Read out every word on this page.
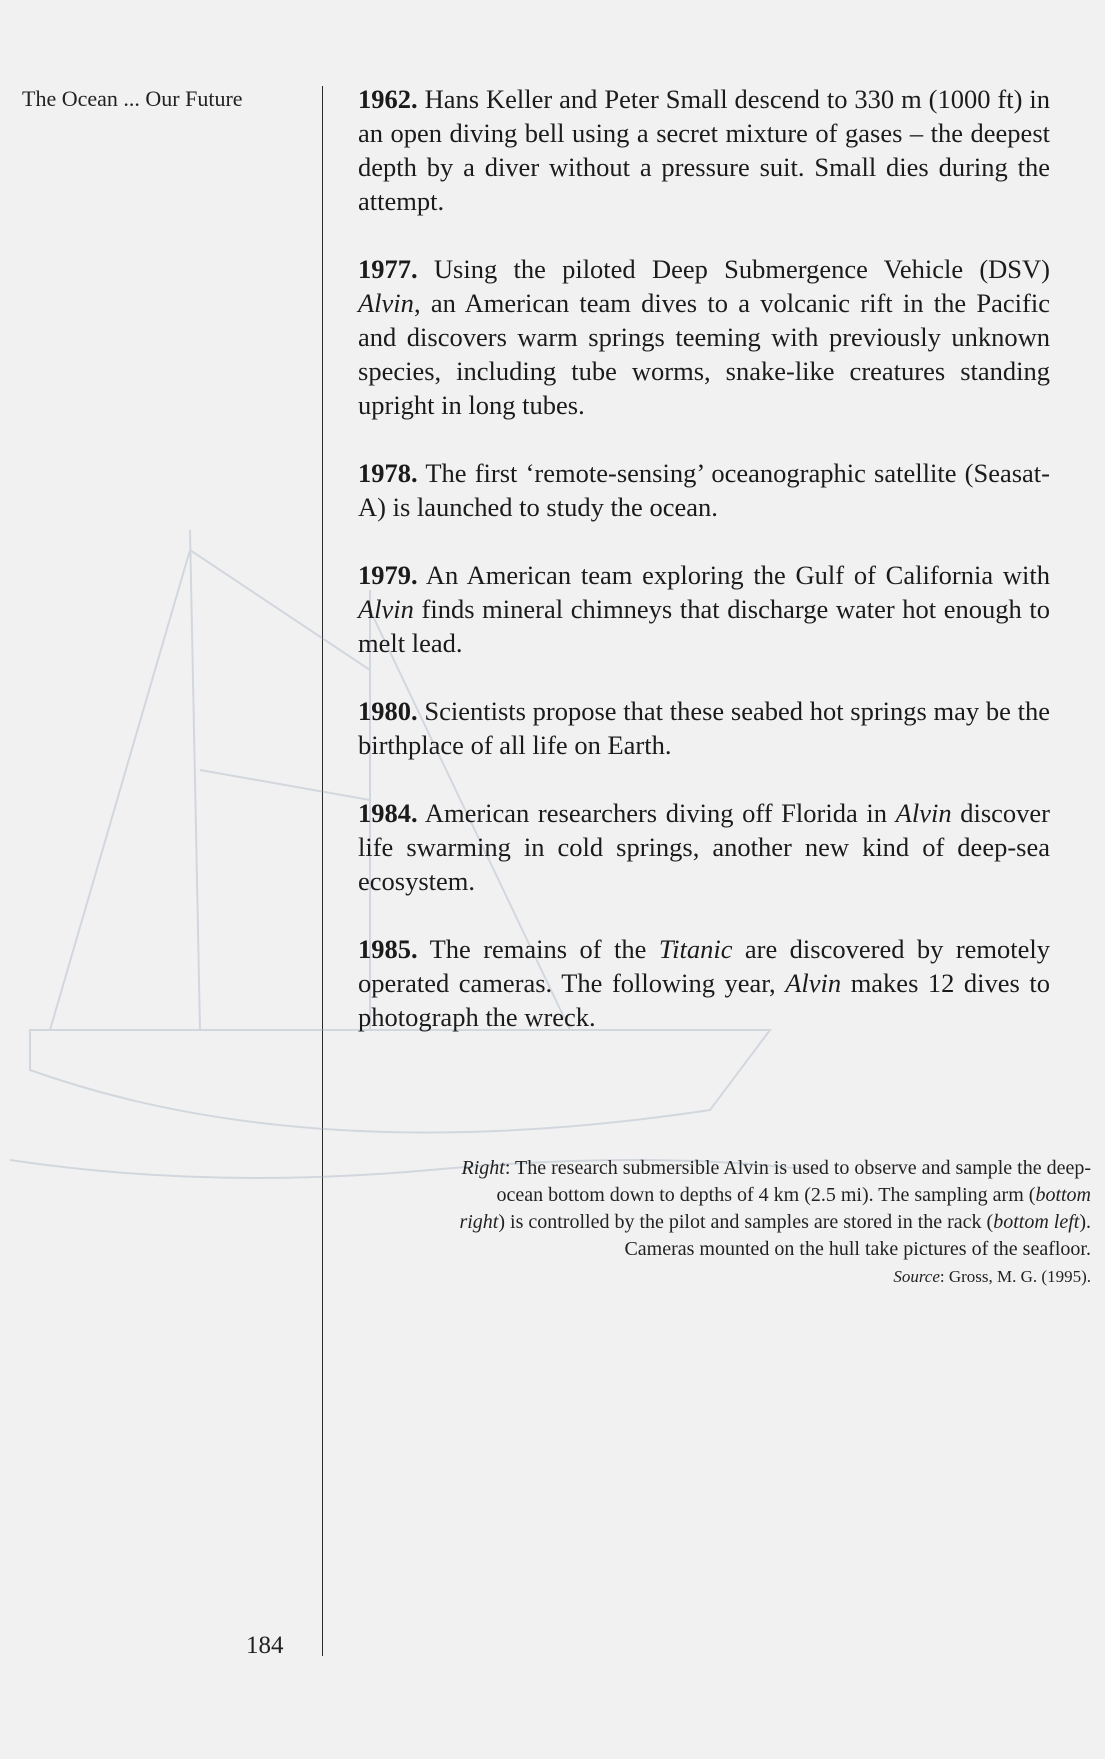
The Ocean ... Our Future	1962. Hans Keller and Peter Small descend to 330 m (1000 ft) in an open diving bell using a secret mixture of gases – the deepest depth by a diver without a pressure suit. Small dies during the attempt.

1977. Using the piloted Deep Submergence Vehicle (DSV) Alvin, an American team dives to a volcanic rift in the Pacific and discovers warm springs teeming with previously unknown species, including tube worms, snake-like creatures standing upright in long tubes.

1978. The first ‘remote-sensing’ oceanographic satellite (Seasat-A) is launched to study the ocean.

1979. An American team exploring the Gulf of California with Alvin finds mineral chimneys that discharge water hot enough to melt lead.

1980. Scientists propose that these seabed hot springs may be the birthplace of all life on Earth.

1984. American researchers diving off Florida in Alvin discover life swarming in cold springs, another new kind of deep-sea ecosystem.

1985. The remains of the Titanic are discovered by remotely operated cameras. The following year, Alvin makes 12 dives to photograph the wreck.

Right: The research submersible Alvin is used to observe and sample the deep-ocean bottom down to depths of 4 km (2.5 mi). The sampling arm (bottom right) is controlled by the pilot and samples are stored in the rack (bottom left). Cameras mounted on the hull take pictures of the seafloor.
Source: Gross, M. G. (1995).
184
